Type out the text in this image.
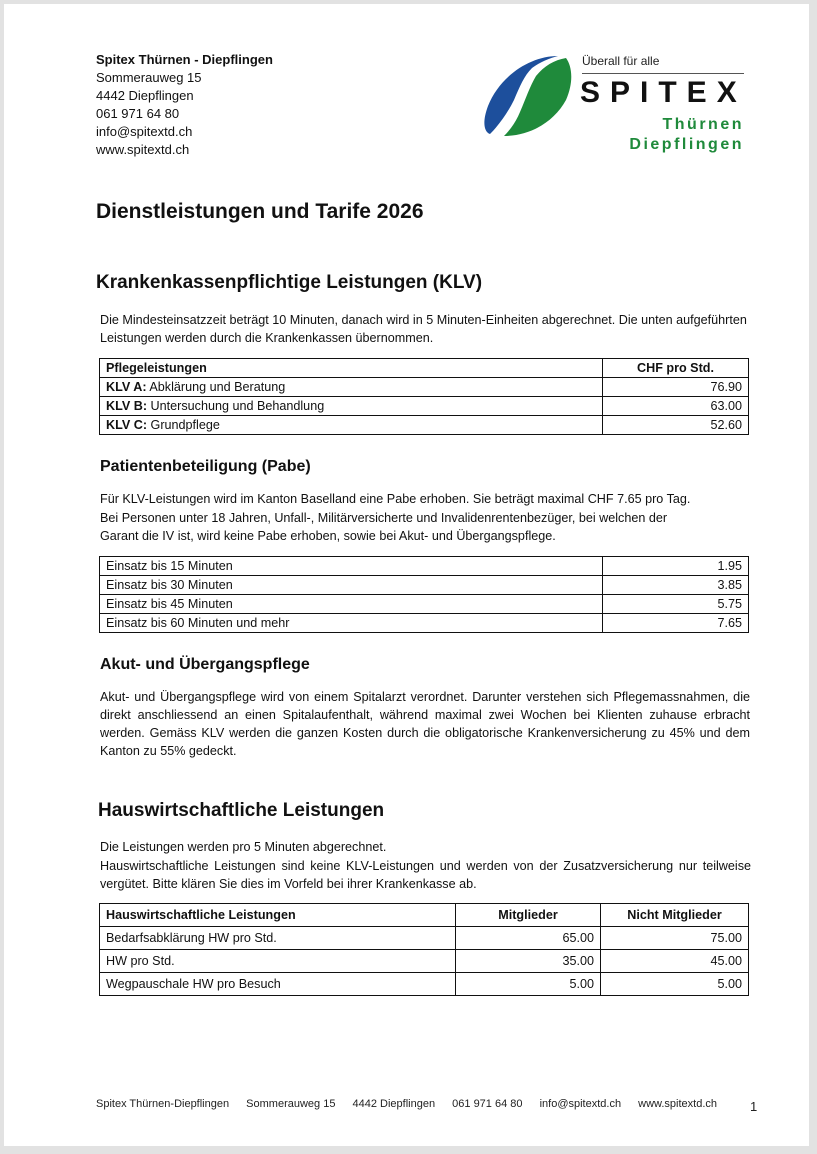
Spitex Thürnen - Diepflingen
Sommerauweg 15
4442 Diepflingen
061 971 64 80
info@spitextd.ch
www.spitextd.ch
Überall für alle
SPITEX
Thürnen
Diepflingen
Dienstleistungen und Tarife 2026
Krankenkassenpflichtige Leistungen (KLV)

Die Mindesteinsatzzeit beträgt 10 Minuten, danach wird in 5 Minuten-Einheiten abgerechnet. Die unten aufgeführten Leistungen werden durch die Krankenkassen übernommen.

Pflegeleistungen	CHF pro Std.
KLV A: Abklärung und Beratung	76.90
KLV B: Untersuchung und Behandlung	63.00
KLV C: Grundpflege	52.60
Patientenbeteiligung (Pabe)

Für KLV-Leistungen wird im Kanton Baselland eine Pabe erhoben. Sie beträgt maximal CHF 7.65 pro Tag.

Bei Personen unter 18 Jahren, Unfall-, Militärversicherte und Invalidenrentenbezüger, bei welchen der

Garant die IV ist, wird keine Pabe erhoben, sowie bei Akut- und Übergangspflege.

Einsatz bis 15 Minuten	1.95
Einsatz bis 30 Minuten	3.85
Einsatz bis 45 Minuten	5.75
Einsatz bis 60 Minuten und mehr	7.65
Akut- und Übergangspflege

Akut- und Übergangspflege wird von einem Spitalarzt verordnet. Darunter verstehen sich Pflegemassnahmen, die direkt anschliessend an einen Spitalaufenthalt, während maximal zwei Wochen bei Klienten zuhause erbracht werden. Gemäss KLV werden die ganzen Kosten durch die obligatorische Krankenversicherung zu 45% und dem Kanton zu 55% gedeckt.

Hauswirtschaftliche Leistungen

Die Leistungen werden pro 5 Minuten abgerechnet.

Hauswirtschaftliche Leistungen sind keine KLV-Leistungen und werden von der Zusatzversicherung nur teilweise vergütet. Bitte klären Sie dies im Vorfeld bei ihrer Krankenkasse ab.

Hauswirtschaftliche Leistungen	Mitglieder	Nicht Mitglieder
Bedarfsabklärung HW pro Std.	65.00	75.00
HW pro Std.	35.00	45.00
Wegpauschale HW pro Besuch	5.00	5.00
Spitex Thürnen-Diepflingen Sommerauweg 15 4442 Diepflingen 061 971 64 80 info@spitextd.ch www.spitextd.ch	1
